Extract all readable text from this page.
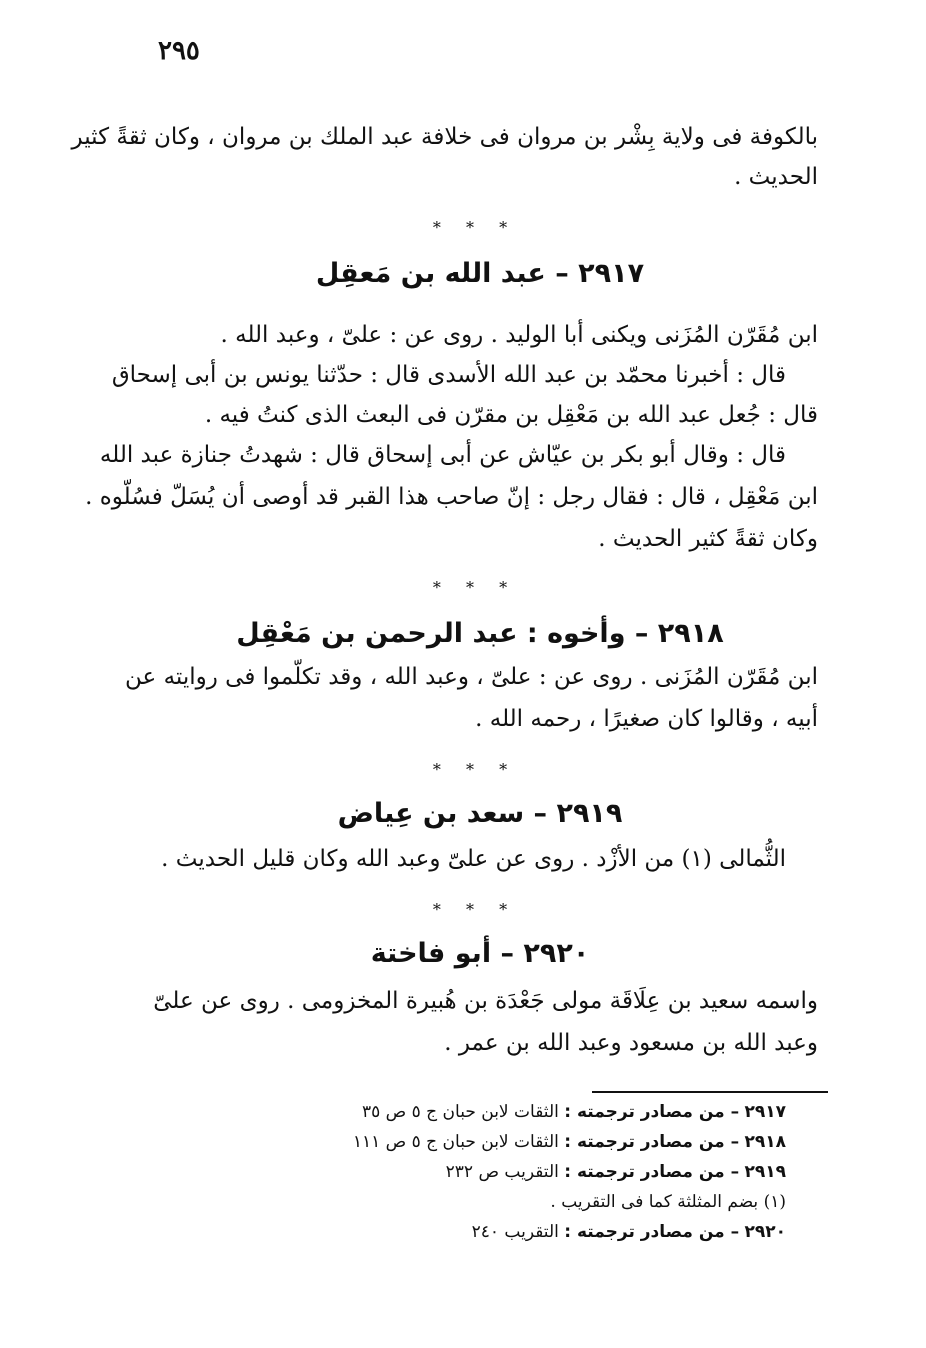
٢٩٥
بالكوفة فى ولاية بِشْر بن مروان فى خلافة عبد الملك بن مروان ، وكان ثقةً كثير
الحديث .
* * *
٢٩١٧ – عبد الله بن مَعقِل
ابن مُقَرّن المُزَنى ويكنى أبا الوليد . روى عن : علىّ ، وعبد الله .
قال : أخبرنا محمّد بن عبد الله الأسدى قال : حدّثنا يونس بن أبى إسحاق
قال : جُعل عبد الله بن مَعْقِل بن مقرّن فى البعث الذى كنتُ فيه .
قال : وقال أبو بكر بن عيّاش عن أبى إسحاق قال : شهدتُ جنازة عبد الله
ابن مَعْقِل ، قال : فقال رجل : إنّ صاحب هذا القبر قد أوصى أن يُسَلّ فسُلّوه .
وكان ثقةً كثير الحديث .
* * *
٢٩١٨ – وأخوه : عبد الرحمن بن مَعْقِل
ابن مُقَرّن المُزَنى . روى عن : علىّ ، وعبد الله ، وقد تكلّموا فى روايته عن
أبيه ، وقالوا كان صغيرًا ، رحمه الله .
* * *
٢٩١٩ – سعد بن عِياض
الثُّمالى (١) من الأزْد . روى عن علىّ وعبد الله وكان قليل الحديث .
* * *
٢٩٢٠ – أبو فاختة
واسمه سعيد بن عِلَاقَة مولى جَعْدَة بن هُبيرة المخزومى . روى عن علىّ
وعبد الله بن مسعود وعبد الله بن عمر .
٢٩١٧ – من مصادر ترجمته : الثقات لابن حبان ج ٥ ص ٣٥
٢٩١٨ – من مصادر ترجمته : الثقات لابن حبان ج ٥ ص ١١١
٢٩١٩ – من مصادر ترجمته : التقريب ص ٢٣٢
(١) بضم المثلثة كما فى التقريب .
٢٩٢٠ – من مصادر ترجمته : التقريب ٢٤٠
